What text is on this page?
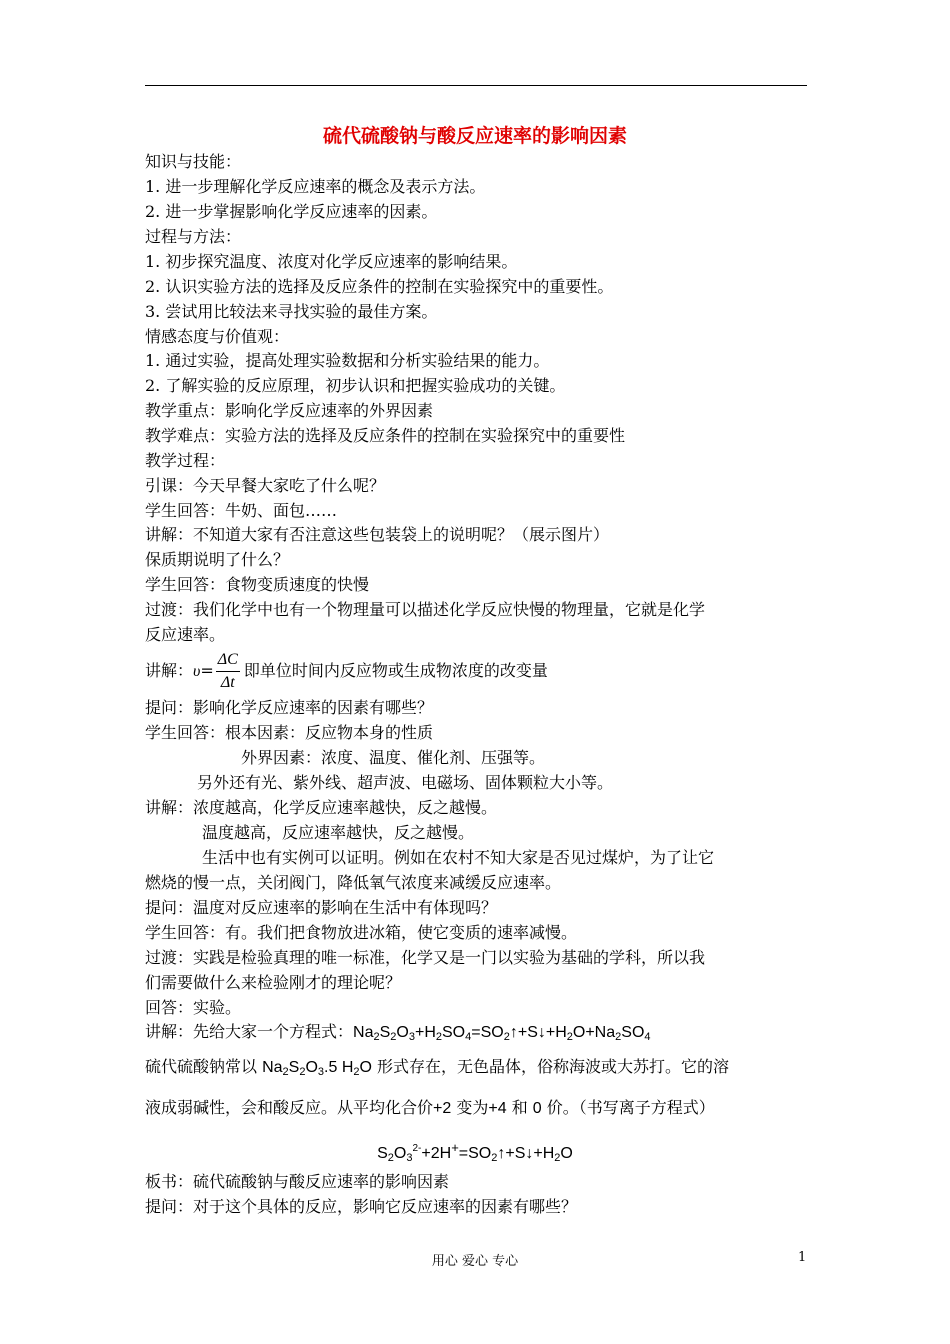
硫代硫酸钠与酸反应速率的影响因素
知识与技能：
1. 进一步理解化学反应速率的概念及表示方法。
2. 进一步掌握影响化学反应速率的因素。
过程与方法：
1. 初步探究温度、浓度对化学反应速率的影响结果。
2. 认识实验方法的选择及反应条件的控制在实验探究中的重要性。
3. 尝试用比较法来寻找实验的最佳方案。
情感态度与价值观：
1. 通过实验，提高处理实验数据和分析实验结果的能力。
2. 了解实验的反应原理，初步认识和把握实验成功的关键。
教学重点：影响化学反应速率的外界因素
教学难点：实验方法的选择及反应条件的控制在实验探究中的重要性
教学过程：
引课：今天早餐大家吃了什么呢？
学生回答：牛奶、面包……
讲解：不知道大家有否注意这些包装袋上的说明呢？（展示图片）
保质期说明了什么？
学生回答：食物变质速度的快慢
过渡：我们化学中也有一个物理量可以描述化学反应快慢的物理量，它就是化学
反应速率。
讲解：$\upsilon= \frac{\Delta C}{\Delta t}$ 即单位时间内反应物或生成物浓度的改变量
提问：影响化学反应速率的因素有哪些？
学生回答：根本因素：反应物本身的性质
外界因素：浓度、温度、催化剂、压强等。
另外还有光、紫外线、超声波、电磁场、固体颗粒大小等。
讲解：浓度越高，化学反应速率越快，反之越慢。
温度越高，反应速率越快，反之越慢。
生活中也有实例可以证明。例如在农村不知大家是否见过煤炉，为了让它
燃烧的慢一点，关闭阀门，降低氧气浓度来减缓反应速率。
提问：温度对反应速率的影响在生活中有体现吗？
学生回答：有。我们把食物放进冰箱，使它变质的速率减慢。
过渡：实践是检验真理的唯一标准，化学又是一门以实验为基础的学科，所以我
们需要做什么来检验刚才的理论呢？
回答：实验。
讲解：先给大家一个方程式：$Na_2S_2O_3+H_2SO_4=SO_2↑+S↓+H_2O+Na_2SO_4$
硫代硫酸钠常以 $Na_2S_2O_3.5$ $H_2O$ 形式存在，无色晶体，俗称海波或大苏打。它的溶
液成弱碱性，会和酸反应。从平均化合价+2 变为+4 和 0 价。（书写离子方程式）
$S_2O_3^{2-}+2H^+=SO_2↑+S↓+H_2O$
板书：硫代硫酸钠与酸反应速率的影响因素
提问：对于这个具体的反应，影响它反应速率的因素有哪些？
用心 爱心 专心	1
